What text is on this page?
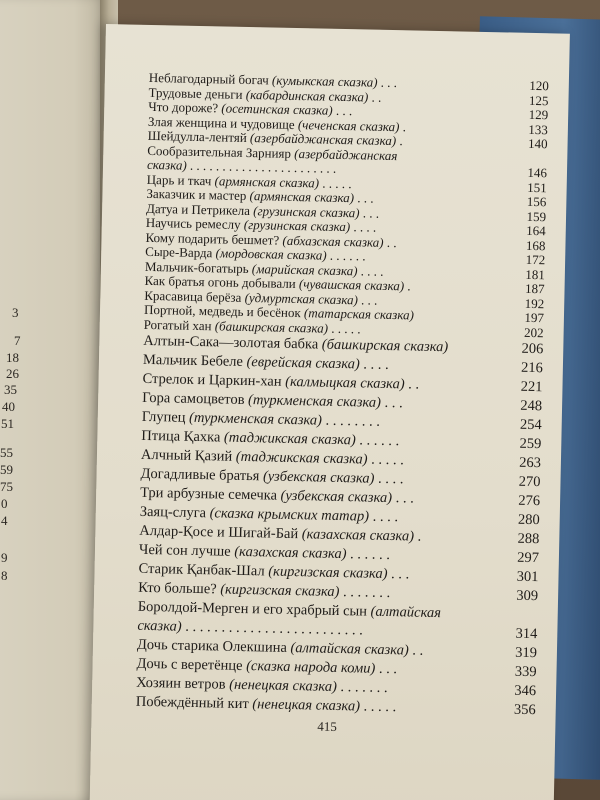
3
7
18
26
35
40
51
55
59
75
0
4
9
8
Неблагодарный богач (кумыкская сказка) . . .	120
Трудовые деньги (кабардинская сказка) . .	125
Что дороже? (осетинская сказка) . . .	129
Злая женщина и чудовище (чеченская сказка) .	133
Шейдулла-лентяй (азербайджанская сказка) .	140
Сообразительная Зарнияр (азербайджанская
сказка) . . . . . . . . . . . . . . . . . . . . . . .	146
Царь и ткач (армянская сказка) . . . . .	151
Заказчик и мастер (армянская сказка) . . .	156
Датуа и Петрикела (грузинская сказка) . . .	159
Научись ремеслу (грузинская сказка) . . . .	164
Кому подарить бешмет? (абхазская сказка) . .	168
Сыре-Варда (мордовская сказка) . . . . . .	172
Мальчик-богатырь (марийская сказка) . . . .	181
Как братья огонь добывали (чувашская сказка) .	187
Красавица берёза (удмуртская сказка) . . .	192
Портной, медведь и бесёнок (татарская сказка)	197
Рогатый хан (башкирская сказка) . . . . .	202
Алтын-Сака—золотая бабка (башкирская сказка)	206
Мальчик Бебеле (еврейская сказка) . . . .	216
Стрелок и Царкин-хан (калмыцкая сказка) . .	221
Гора самоцветов (туркменская сказка) . . .	248
Глупец (туркменская сказка) . . . . . . . .	254
Птица Қахка (таджикская сказка) . . . . . .	259
Алчный Қазий (таджикская сказка) . . . . .	263
Догадливые братья (узбекская сказка) . . . .	270
Три арбузные семечка (узбекская сказка) . . .	276
Заяц-слуга (сказка крымских татар) . . . .	280
Алдар-Қосе и Шигай-Бай (казахская сказка) .	288
Чей сон лучше (казахская сказка) . . . . . .	297
Старик Қанбак-Шал (киргизская сказка) . . .	301
Кто больше? (киргизская сказка) . . . . . . .	309
Боролдой-Мерген и его храбрый сын (алтайская
сказка) . . . . . . . . . . . . . . . . . . . . . . . . .	314
Дочь старика Олекшина (алтайская сказка) . .	319
Дочь с веретёнце (сказка народа коми) . . .	339
Хозяин ветров (ненецкая сказка) . . . . . . .	346
Побеждённый кит (ненецкая сказка) . . . . .	356
415
